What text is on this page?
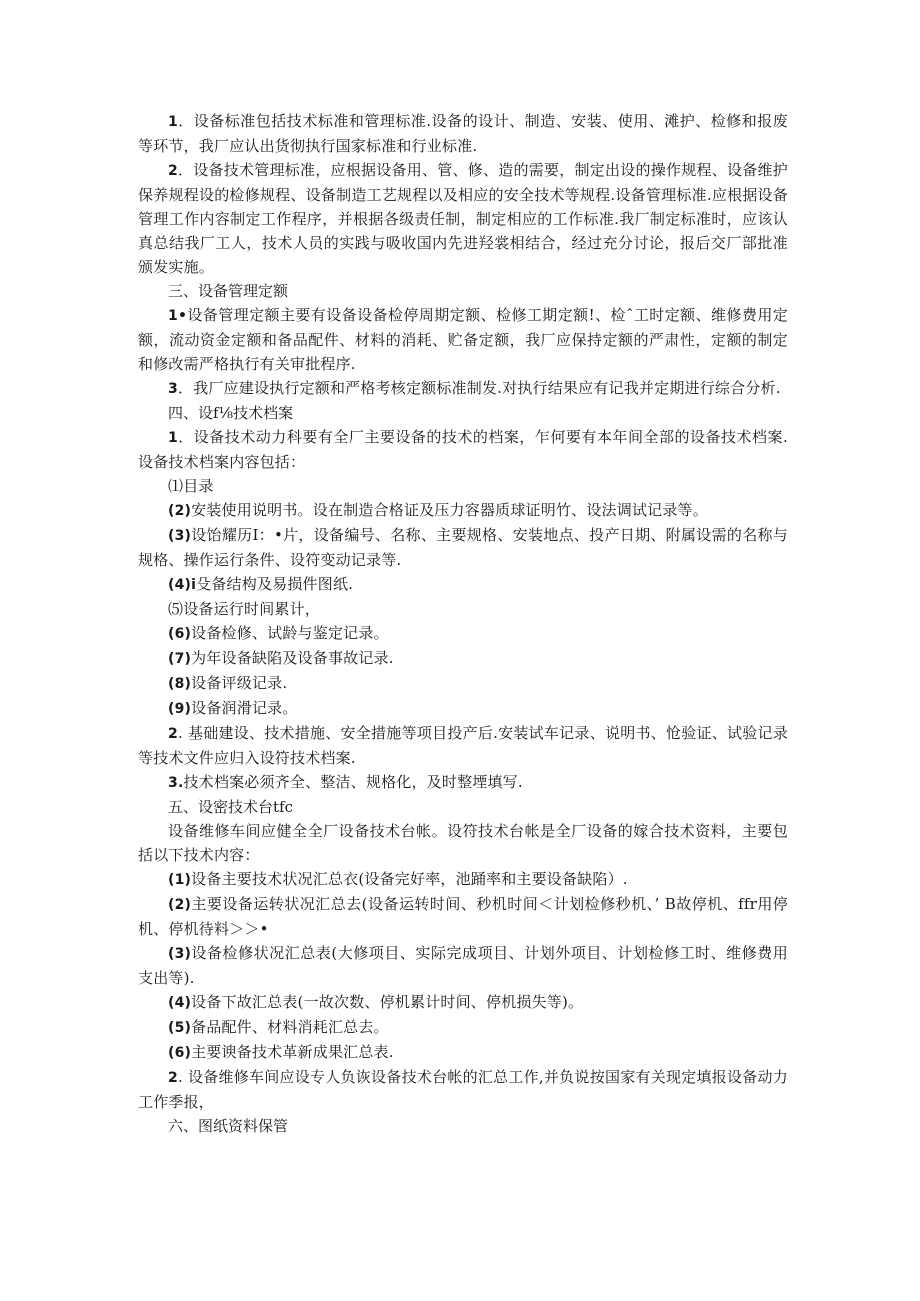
1．设备标准包括技术标准和管理标准.设备的设计、制造、安装、使用、滩护、检修和报废等环节，我厂应认出货彻执行国家标准和行业标准.

2．设备技术管理标准，应根据设备用、管、修、造的需要，制定出设的操作规程、设备维护保养规程设的检修规程、设备制造工艺规程以及相应的安全技术等规程.设备管理标准.应根据设备管理工作内容制定工作程序，并根据各级责任制，制定相应的工作标准.我厂制定标准时，应该认真总结我厂工人，技术人员的实践与吸收国内先进羟裳相结合，经过充分讨论，报后交厂部批准颁发实施。

三、设备管理定额

1•设备管理定额主要有设备设备检停周期定额、检修工期定额!、检ˆ工时定额、维修费用定额，流动资金定额和备品配件、材料的消耗、贮备定额，我厂应保持定额的严肃性，定额的制定和修改需严格执行有关审批程序.

3．我厂应建设执行定额和严格考核定额标准制发.对执行结果应有记我并定期进行综合分析.

四、设f⅛技术档案

1．设备技术动力科要有全厂主要设备的技术的档案，乍何要有本年间全部的设备技术档案.设备技术档案内容包括：

⑴目录

(2)安装使用说明书。设在制造合格证及压力容器质球证明竹、设法调试记录等。

(3)设饴耀历I：•片，设备编号、名称、主要规格、安装地点、投产日期、附属设需的名称与规格、操作运行条件、设符变动记录等.

(4)i殳备结构及易损件图纸.

⑸设备运行时间累计，

(6)设备检修、试龄与鉴定记录。

(7)为年设备缺陷及设备事故记录.

(8)设备评级记录.

(9)设备润滑记录。

2. 基础建设、技术措施、安全措施等项目投产后.安装试车记录、说明书、怆验证、试验记录等技术文件应归入设符技术档案.

3.技术档案必须齐全、整洁、规格化，及时整堙填写.

五、设密技术台tfc

设备维修车间应健全全厂设备技术台帐。设符技术台帐是全厂设备的嫁合技术资料，主要包括以下技术内容：

(1)设备主要技术状况汇总衣(设备完好率，池踊率和主要设备缺陷）.

(2)主要设备运转状况汇总去(设备运转时间、秒机时间＜计划检修秒机、’ B故停机、ffr用停机、停机待料＞＞•

(3)设备检修状况汇总表(大修项目、实际完成项目、计划外项目、计划检修工时、维修费用支出等).

(4)设备下故汇总表(一故次数、停机累计时间、停机损失等)。

(5)备品配件、材料消耗汇总去。

(6)主要谀备技术革新成果汇总表.

2. 设备维修车间应设专人负诙设备技术台帐的汇总工作,并负说按国家有关现定填报设备动力工作季报，

六、图纸资料保管
